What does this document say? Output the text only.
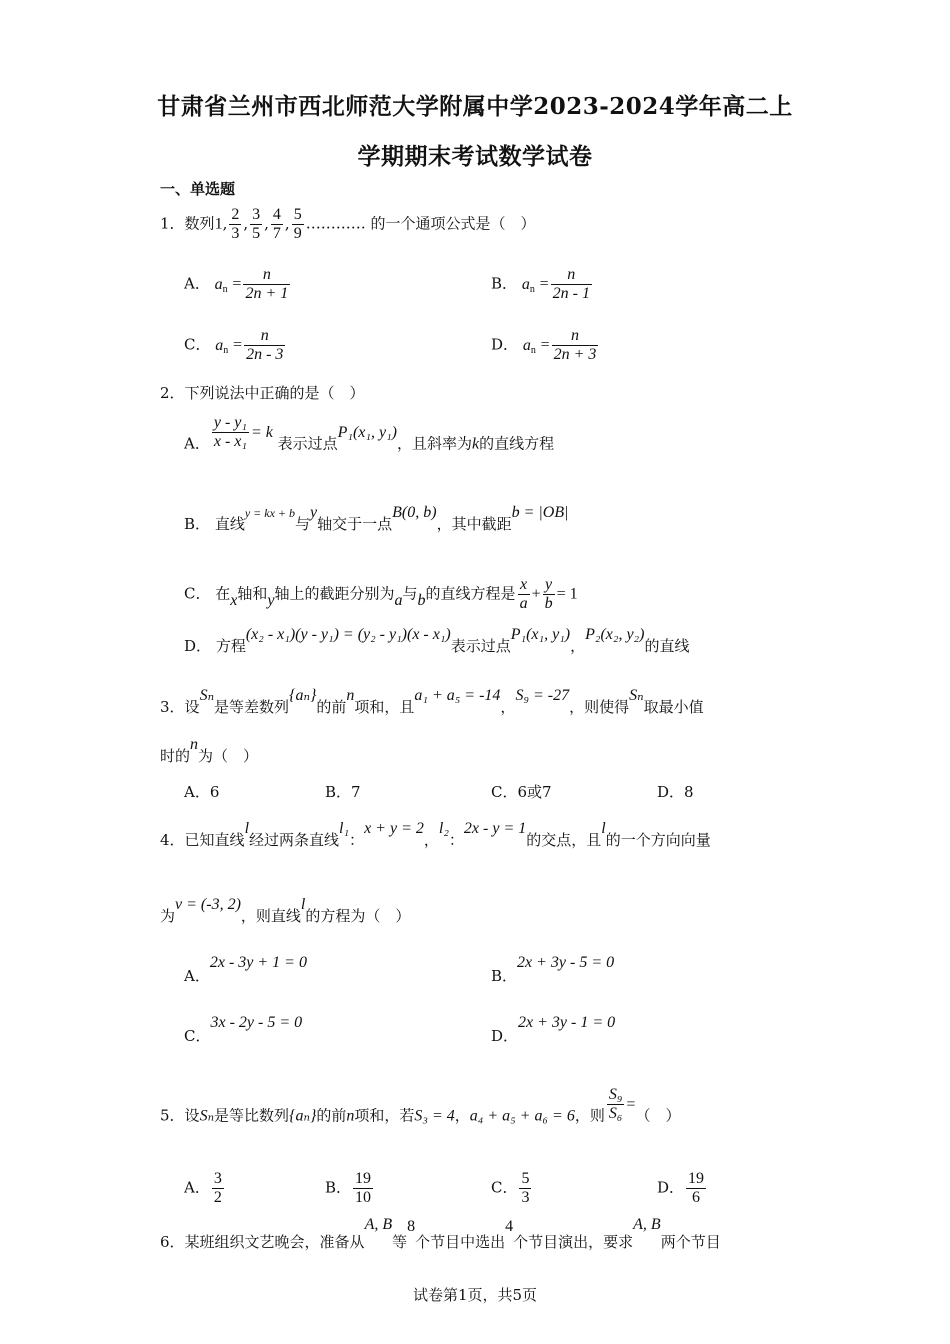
甘肃省兰州市西北师范大学附属中学2023-2024学年高二上
学期期末考试数学试卷
一、单选题
1．数列1, $\frac{2}{3}$ , $\frac{3}{5}$ , $\frac{4}{7}$ , $\frac{5}{9}$ ………… 的一个通项公式是（　）
A． $a_n = \frac{n}{2n + 1}$	B． $a_n = \frac{n}{2n - 1}$
C． $a_n = \frac{n}{2n - 3}$	D． $a_n = \frac{n}{2n + 3}$
2．下列说法中正确的是（　）
A． $\frac{\text{y - y₁}}{\text{x - x₁}} = k$ 表示过点P₁(x₁, y₁)，且斜率为k的直线方程
B． 直线$^{y = kx + b}$与y轴交于一点B(0, b)，其中截距b = |OB|
C． 在x轴和y轴上的截距分别为a与b的直线方程是 $\frac{x}{a} + \frac{y}{b} = 1$
D． 方程(x₂ - x₁)(y - y₁) = (y₂ - y₁)(x - x₁)表示过点P₁(x₁, y₁)，P₂(x₂, y₂)的直线
3．设Sₙ是等差数列{aₙ}的前n项和，且a₁ + a₅ = -14，S₉ = -27，则使得Sₙ取最小值
时的n为（　）
A．6	B．7	C．6或7	D．8
4．已知直线l经过两条直线l₁：x + y = 2，l₂：2x - y = 1的交点，且l的一个方向向量
为v = (-3, 2)，则直线l的方程为（　）
A．2x - 3y + 1 = 0
B．2x + 3y - 5 = 0
C．3x - 2y - 5 = 0
D．2x + 3y - 1 = 0
5．设Sₙ是等比数列{aₙ}的前n项和，若S₃ = 4，a₄ + a₅ + a₆ = 6，则 $\frac{\text{S₉}}{\text{S₆}}$ =（　）
A． $\frac{3}{2}$	B． $\frac{19}{10}$	C． $\frac{5}{3}$	D． $\frac{19}{6}$
6．某班组织文艺晚会，准备从A, B等8个节目中选出4个节目演出，要求A, B两个节目
试卷第1页，共5页
